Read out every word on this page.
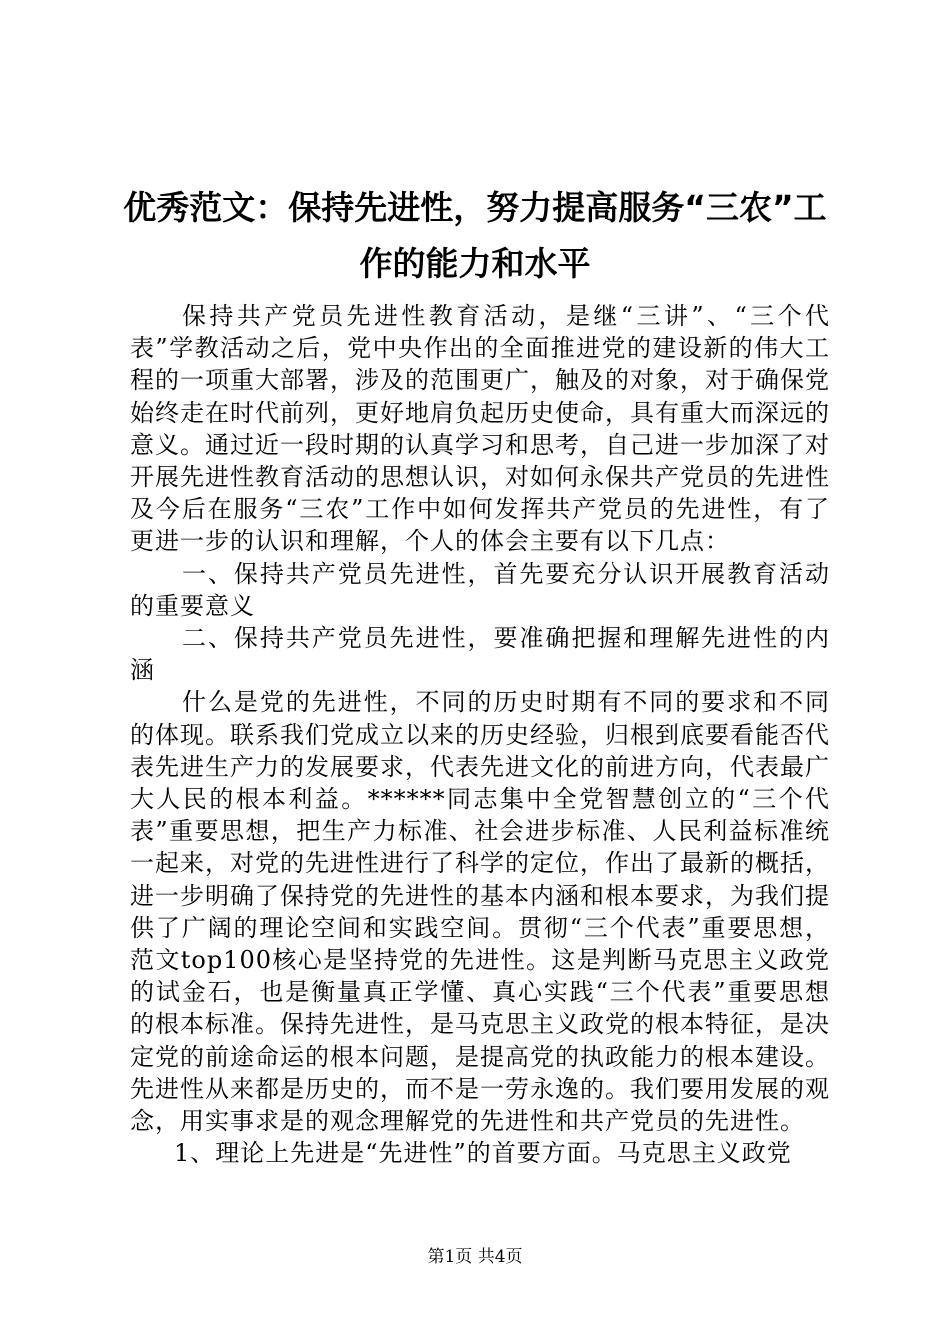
优秀范文：保持先进性，努力提高服务“三农”工作的能力和水平

保持共产党员先进性教育活动，是继“三讲”、“三个代表”学教活动之后，党中央作出的全面推进党的建设新的伟大工程的一项重大部署，涉及的范围更广，触及的对象，对于确保党始终走在时代前列，更好地肩负起历史使命，具有重大而深远的意义。通过近一段时期的认真学习和思考，自己进一步加深了对开展先进性教育活动的思想认识，对如何永保共产党员的先进性及今后在服务“三农”工作中如何发挥共产党员的先进性，有了更进一步的认识和理解，个人的体会主要有以下几点：

一、保持共产党员先进性，首先要充分认识开展教育活动的重要意义

二、保持共产党员先进性，要准确把握和理解先进性的内涵

什么是党的先进性，不同的历史时期有不同的要求和不同的体现。联系我们党成立以来的历史经验，归根到底要看能否代表先进生产力的发展要求，代表先进文化的前进方向，代表最广大人民的根本利益。******同志集中全党智慧创立的“三个代表”重要思想，把生产力标准、社会进步标准、人民利益标准统一起来，对党的先进性进行了科学的定位，作出了最新的概括，进一步明确了保持党的先进性的基本内涵和根本要求，为我们提供了广阔的理论空间和实践空间。贯彻“三个代表”重要思想，范文top100核心是坚持党的先进性。这是判断马克思主义政党的试金石，也是衡量真正学懂、真心实践“三个代表”重要思想的根本标准。保持先进性，是马克思主义政党的根本特征，是决定党的前途命运的根本问题，是提高党的执政能力的根本建设。先进性从来都是历史的，而不是一劳永逸的。我们要用发展的观念，用实事求是的观念理解党的先进性和共产党员的先进性。

1、理论上先进是“先进性”的首要方面。马克思主义政党

第1页 共4页
